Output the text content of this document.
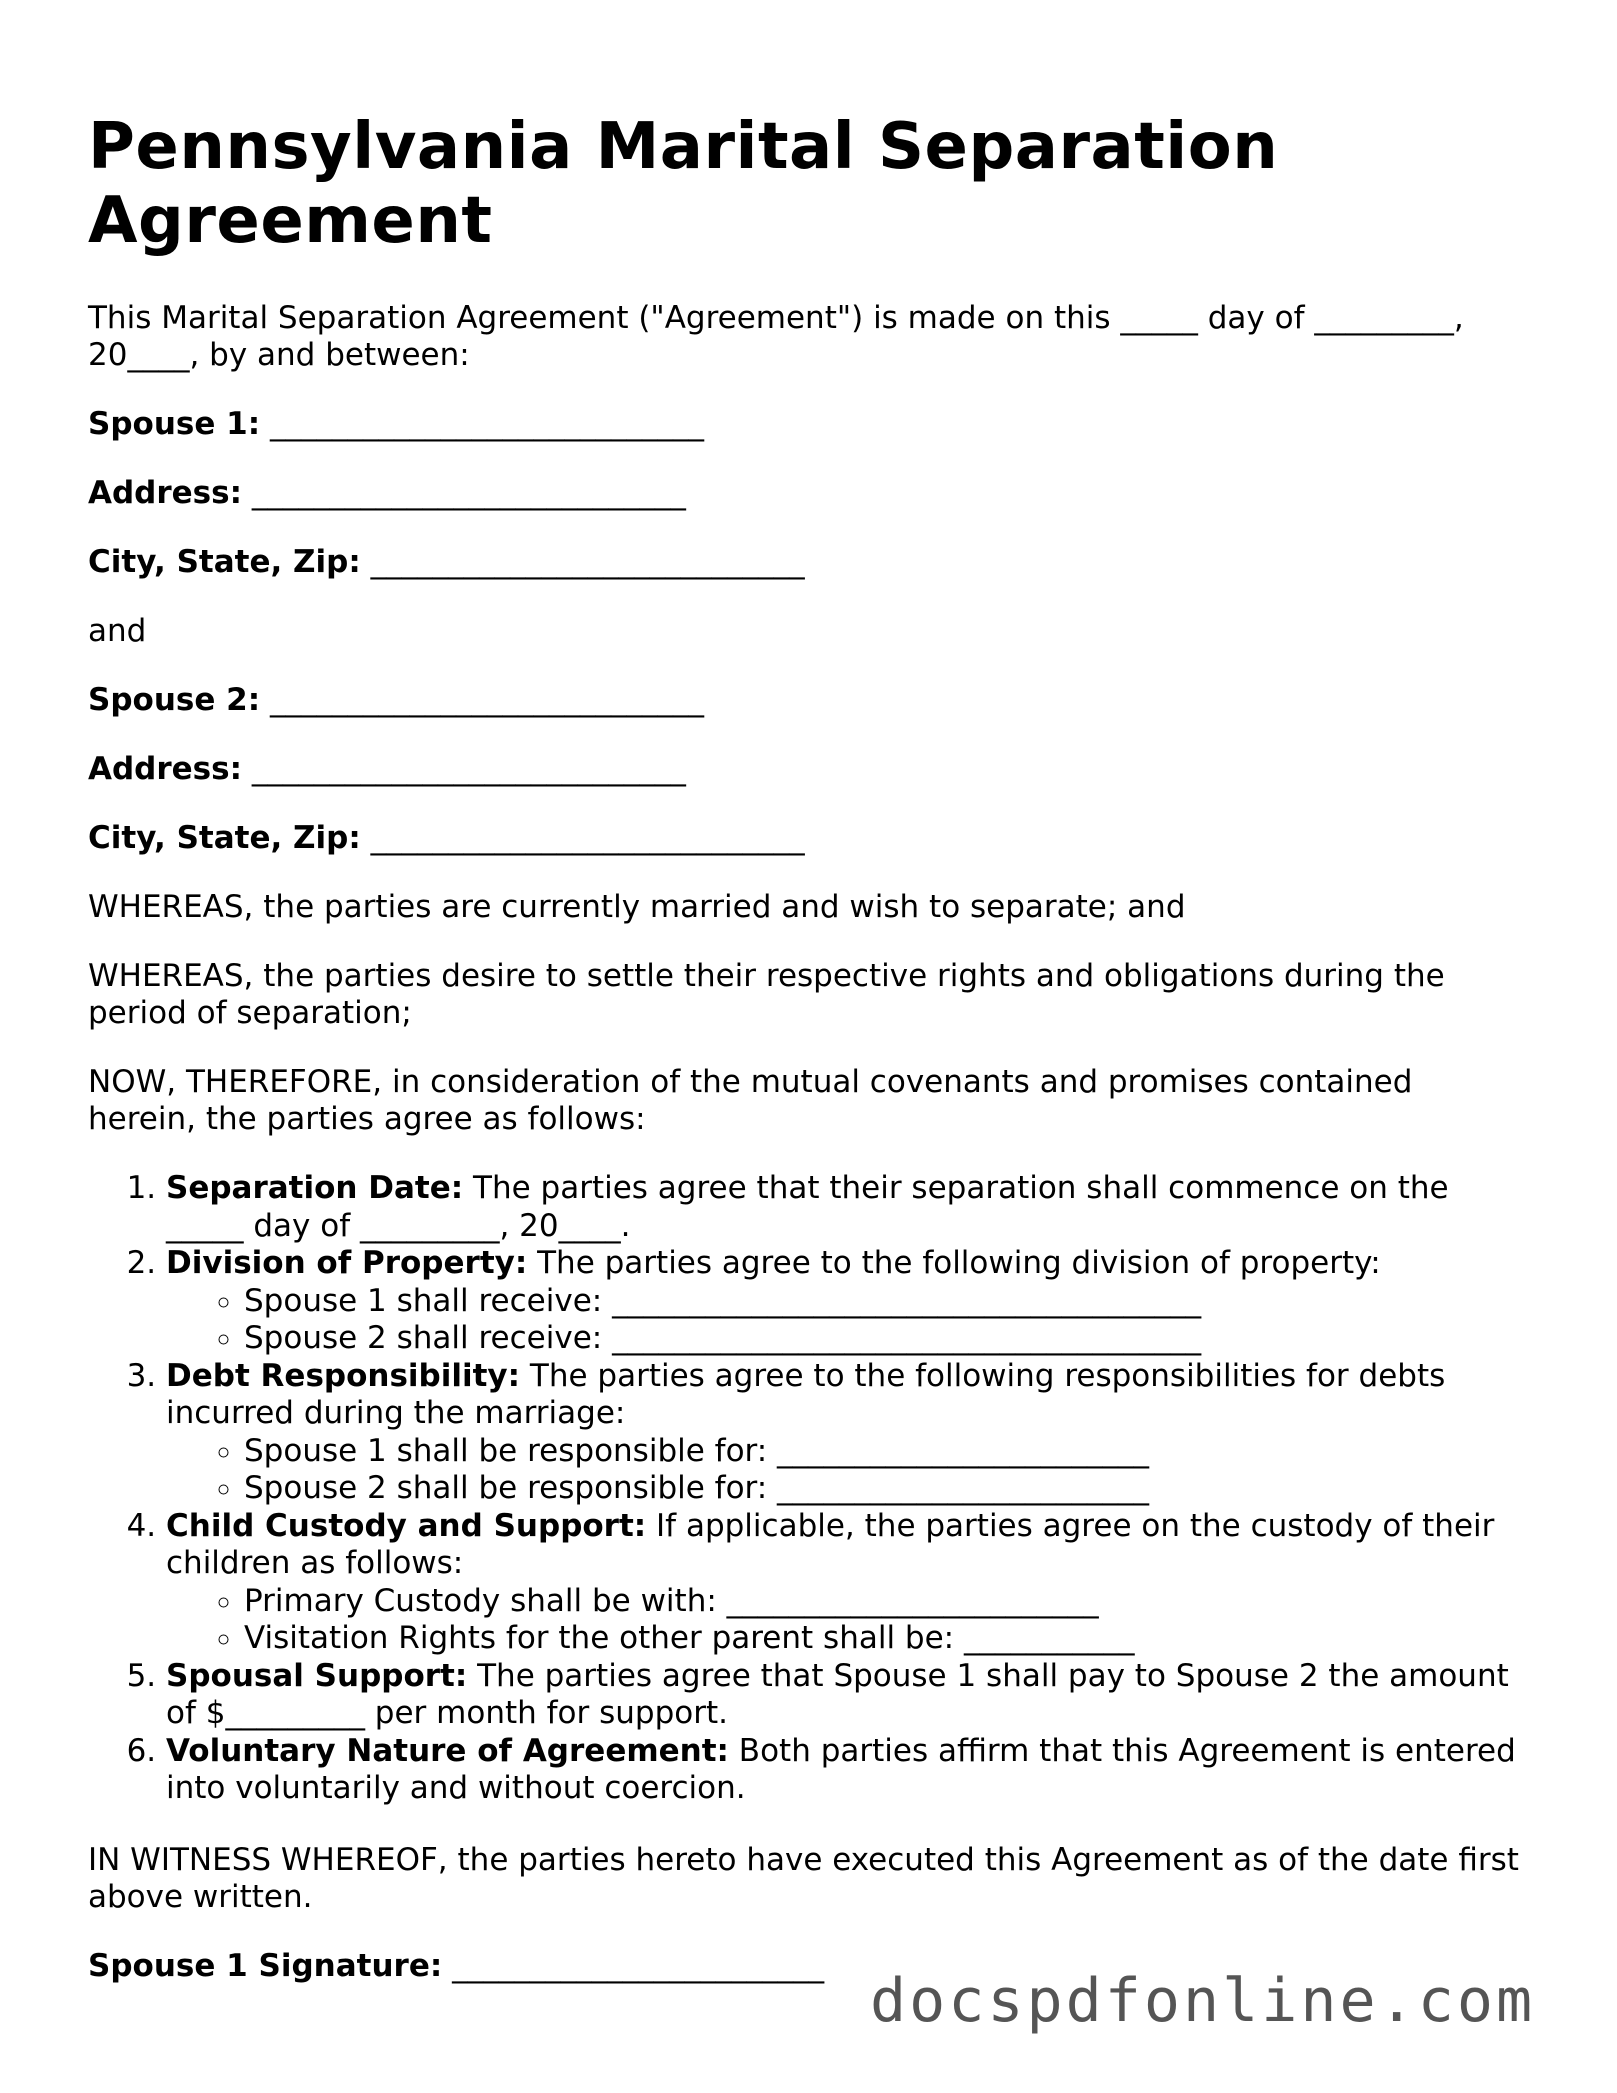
Pennsylvania Marital Separation Agreement

This Marital Separation Agreement ("Agreement") is made on this _____ day of _________, 20____, by and between:

Spouse 1: ____________________________
Address: ____________________________
City, State, Zip: ____________________________

and

Spouse 2: ____________________________
Address: ____________________________
City, State, Zip: ____________________________

WHEREAS, the parties are currently married and wish to separate; and

WHEREAS, the parties desire to settle their respective rights and obligations during the period of separation;

NOW, THEREFORE, in consideration of the mutual covenants and promises contained herein, the parties agree as follows:

1. Separation Date: The parties agree that their separation shall commence on the _____ day of _________, 20____.
2. Division of Property: The parties agree to the following division of property:
◦ Spouse 1 shall receive: ______________________________________
◦ Spouse 2 shall receive: ______________________________________
3. Debt Responsibility: The parties agree to the following responsibilities for debts incurred during the marriage:
◦ Spouse 1 shall be responsible for: ________________________
◦ Spouse 2 shall be responsible for: ________________________
4. Child Custody and Support: If applicable, the parties agree on the custody of their children as follows:
◦ Primary Custody shall be with: ________________________
◦ Visitation Rights for the other parent shall be: ___________
5. Spousal Support: The parties agree that Spouse 1 shall pay to Spouse 2 the amount of $_________ per month for support.
6. Voluntary Nature of Agreement: Both parties affirm that this Agreement is entered into voluntarily and without coercion.

IN WITNESS WHEREOF, the parties hereto have executed this Agreement as of the date first above written.

Spouse 1 Signature: ________________________
docspdfonline.com
